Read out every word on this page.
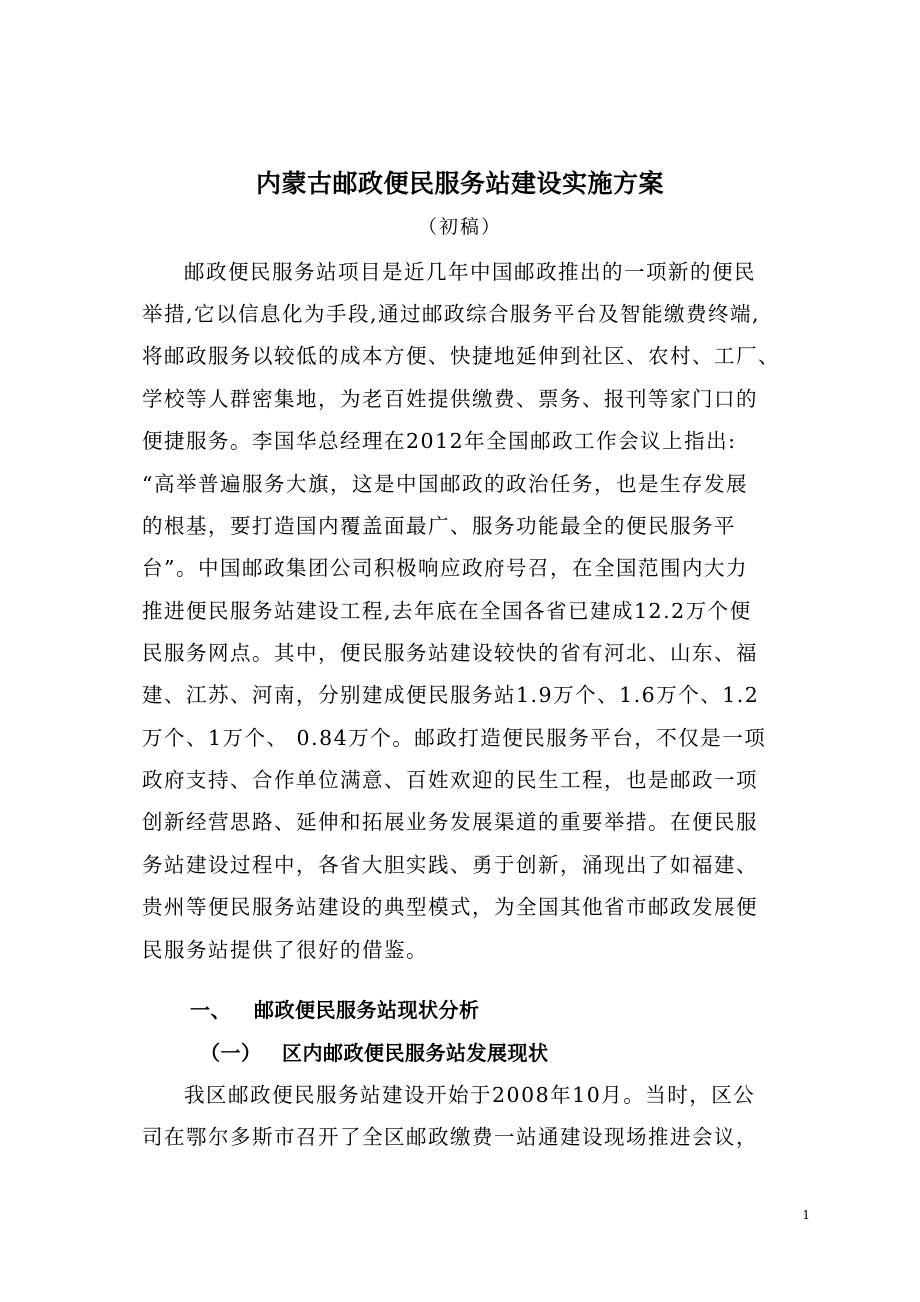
内蒙古邮政便民服务站建设实施方案
（初稿）
邮政便民服务站项目是近几年中国邮政推出的一项新的便民
举措,它以信息化为手段,通过邮政综合服务平台及智能缴费终端,
将邮政服务以较低的成本方便、快捷地延伸到社区、农村、工厂、
学校等人群密集地，为老百姓提供缴费、票务、报刊等家门口的
便捷服务。李国华总经理在2012年全国邮政工作会议上指出:
“高举普遍服务大旗，这是中国邮政的政治任务，也是生存发展
的根基，要打造国内覆盖面最广、服务功能最全的便民服务平
台”。中国邮政集团公司积极响应政府号召，在全国范围内大力
推进便民服务站建设工程,去年底在全国各省已建成12.2万个便
民服务网点。其中，便民服务站建设较快的省有河北、山东、福
建、江苏、河南，分别建成便民服务站1.9万个、1.6万个、1.2
万个、1万个、 0.84万个。邮政打造便民服务平台，不仅是一项
政府支持、合作单位满意、百姓欢迎的民生工程，也是邮政一项
创新经营思路、延伸和拓展业务发展渠道的重要举措。在便民服
务站建设过程中，各省大胆实践、勇于创新，涌现出了如福建、
贵州等便民服务站建设的典型模式，为全国其他省市邮政发展便
民服务站提供了很好的借鉴。
一、 邮政便民服务站现状分析
（一） 区内邮政便民服务站发展现状
我区邮政便民服务站建设开始于2008年10月。当时，区公
司在鄂尔多斯市召开了全区邮政缴费一站通建设现场推进会议，
1
